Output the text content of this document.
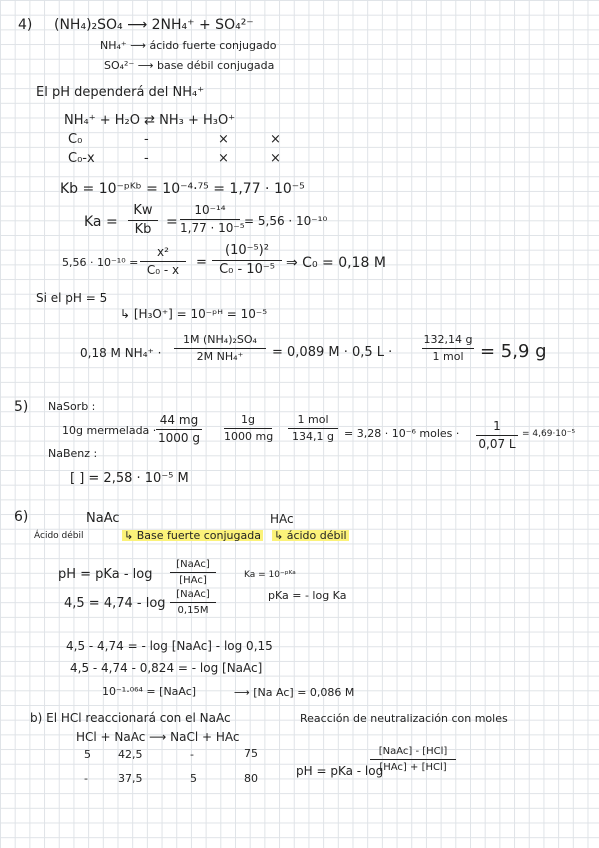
4) (NH₄)₂SO₄ ⟶ 2NH₄⁺ + SO₄²⁻
NH₄⁺ ⟶ ácido fuerte conjugado
SO₄²⁻ ⟶ base débil conjugada
El pH dependerá del NH₄⁺
NH₄⁺ + H₂O ⇄ NH₃ + H₃O⁺
C₀	-	×	×
C₀-x	-	×	×
Kb = 10⁻ᵖᴷᵇ = 10⁻⁴·⁷⁵ = 1,77 · 10⁻⁵
Ka =
Kw
Kb	=
10⁻¹⁴
1,77 · 10⁻⁵
= 5,56 · 10⁻¹⁰
5,56 · 10⁻¹⁰ =
x²
C₀ - x
=
(10⁻⁵)²
C₀ - 10⁻⁵ ⇒ C₀ = 0,18 M
Si el pH = 5
↳ [H₃O⁺] = 10⁻ᵖᴴ = 10⁻⁵
0,18 M NH₄⁺ ·
1M (NH₄)₂SO₄
2M NH₄⁺	= 0,089 M · 0,5 L ·
132,14 g
1 mol = 5,9 g
5) NaSorb :
10g mermelada ·
44 mg
1000 g
1g
1000 mg
1 mol
134,1 g = 3,28 · 10⁻⁶ moles ·
1
0,07 L
= 4,69·10⁻⁵
NaBenz :
[ ] = 2,58 · 10⁻⁵ M
6)	NaAc	HAc
Ácido débil	↳ Base fuerte conjugada ↳ ácido débil
pH = pKa - log
[NaAc]
[HAc]	Ka = 10⁻ᵖᴷᵃ
pKa = - log Ka
4,5 = 4,74 - log
[NaAc]
0,15M
4,5 - 4,74 = - log [NaAc] - log 0,15
4,5 - 4,74 - 0,824 = - log [NaAc]
10⁻¹·⁰⁶⁴ = [NaAc]	⟶ [Na Ac] = 0,086 M
b) El HCl reaccionará con el NaAc	Reacción de neutralización con moles
HCl + NaAc ⟶ NaCl + HAc
5 42,5	-	75
-	37,5	5	80
pH = pKa - log
[NaAc] - [HCl]
[HAc] + [HCl]
